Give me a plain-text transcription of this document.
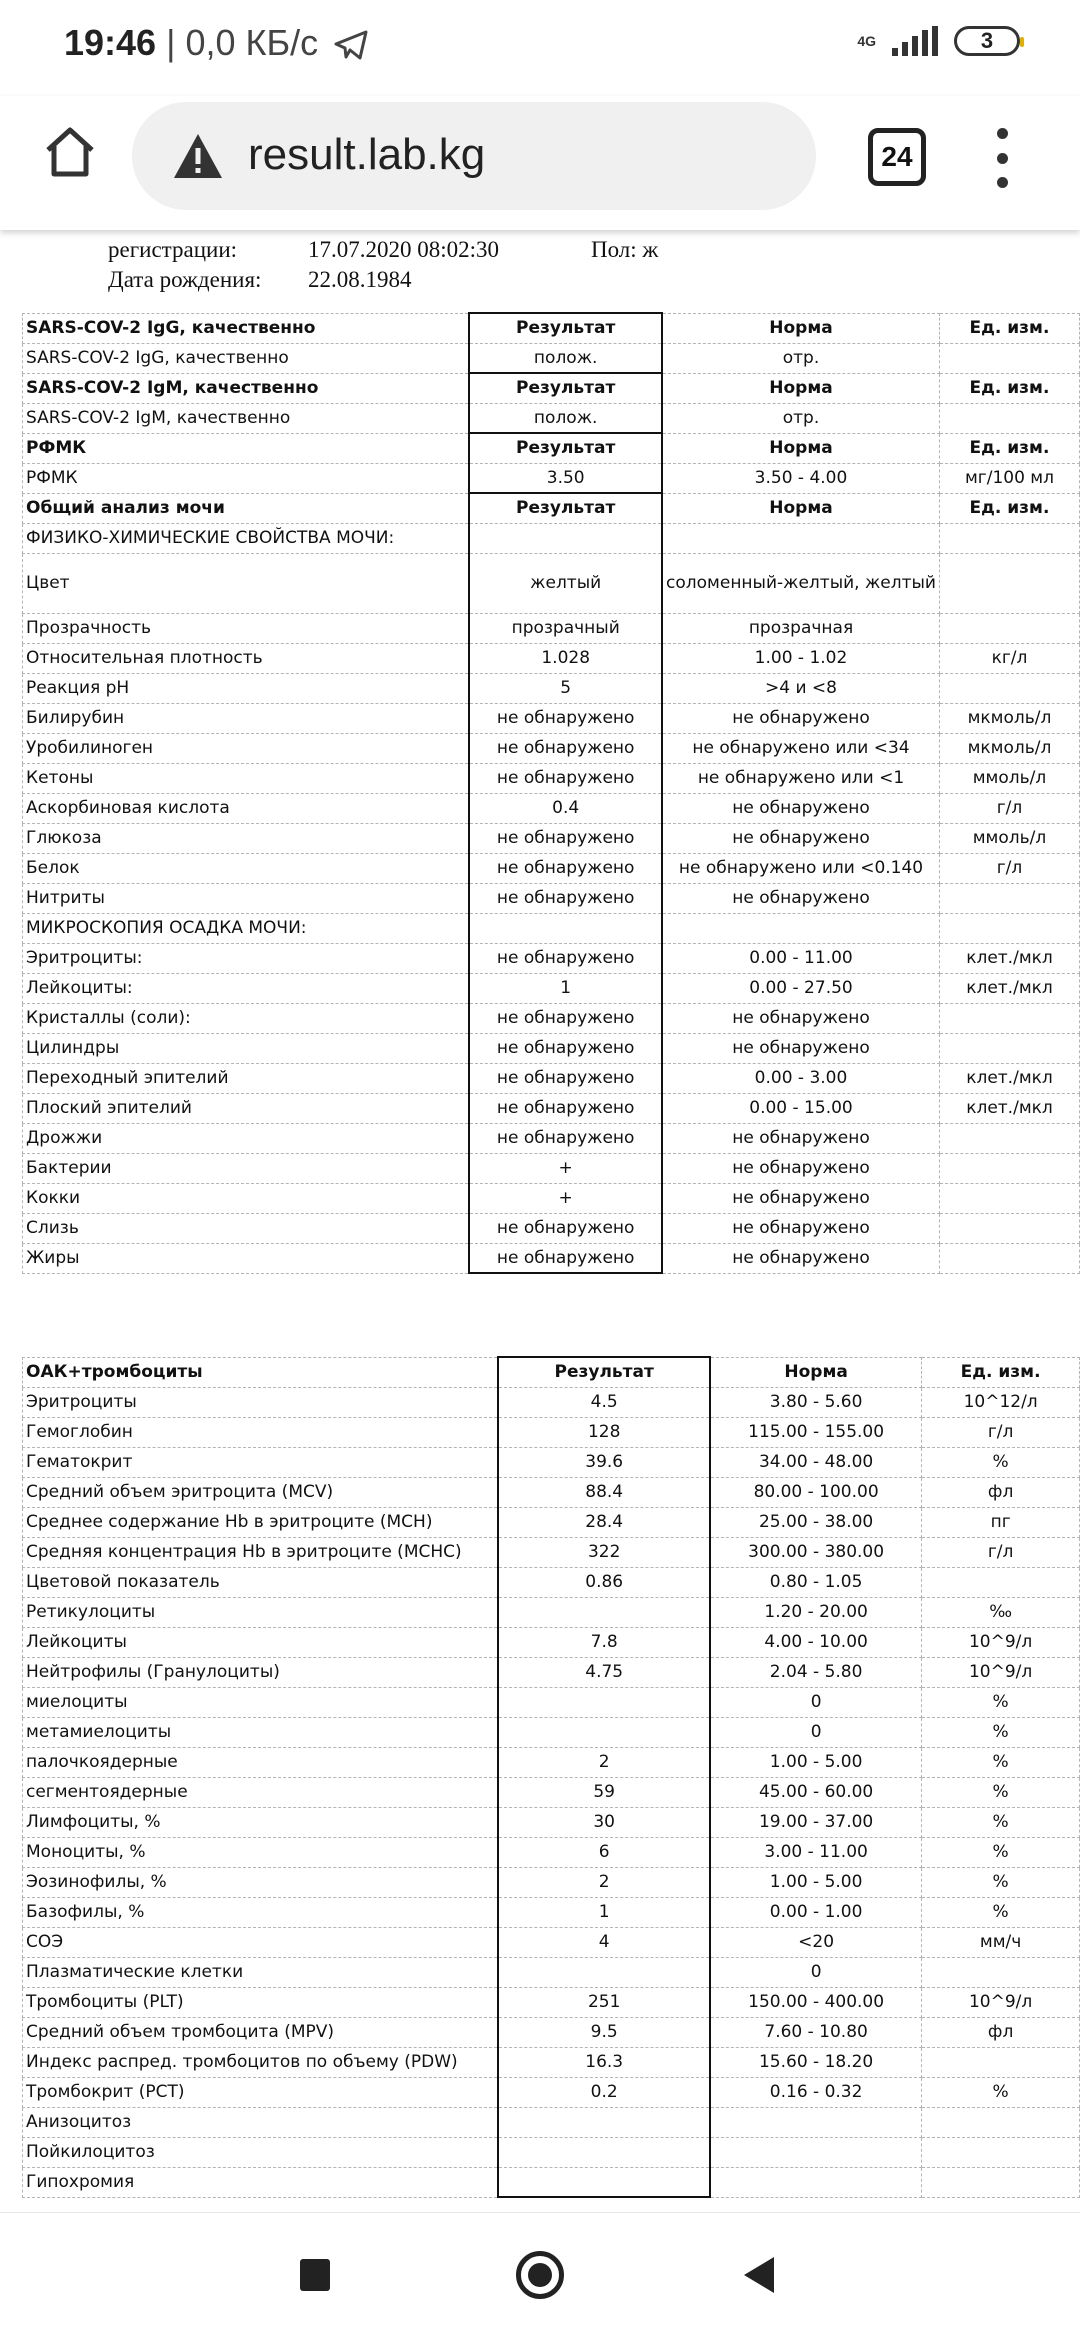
19:46 | 0,0 КБ/с	4G	3
result.lab.kg	24
регистрации:	17.07.2020 08:02:30	Пол: ж
Дата рождения:	22.08.1984	
SARS-COV-2 IgG, качественно	Результат	Норма	Ед. изм.
SARS-COV-2 IgG, качественно	полож.	отр.	
SARS-COV-2 IgM, качественно	Результат	Норма	Ед. изм.
SARS-COV-2 IgM, качественно	полож.	отр.	
РФМК	Результат	Норма	Ед. изм.
РФМК	3.50	3.50 - 4.00	мг/100 мл
Общий анализ мочи	Результат	Норма	Ед. изм.
ФИЗИКО-ХИМИЧЕСКИЕ СВОЙСТВА МОЧИ:			
Цвет	желтый	соломенный-желтый, желтый	
Прозрачность	прозрачный	прозрачная	
Относительная плотность	1.028	1.00 - 1.02	кг/л
Реакция pH	5	>4 и <8	
Билирубин	не обнаружено	не обнаружено	мкмоль/л
Уробилиноген	не обнаружено	не обнаружено или <34	мкмоль/л
Кетоны	не обнаружено	не обнаружено или <1	ммоль/л
Аскорбиновая кислота	0.4	не обнаружено	г/л
Глюкоза	не обнаружено	не обнаружено	ммоль/л
Белок	не обнаружено	не обнаружено или <0.140	г/л
Нитриты	не обнаружено	не обнаружено	
МИКРОСКОПИЯ ОСАДКА МОЧИ:			
Эритроциты:	не обнаружено	0.00 - 11.00	клет./мкл
Лейкоциты:	1	0.00 - 27.50	клет./мкл
Кристаллы (соли):	не обнаружено	не обнаружено	
Цилиндры	не обнаружено	не обнаружено	
Переходный эпителий	не обнаружено	0.00 - 3.00	клет./мкл
Плоский эпителий	не обнаружено	0.00 - 15.00	клет./мкл
Дрожжи	не обнаружено	не обнаружено	
Бактерии	+	не обнаружено	
Кокки	+	не обнаружено	
Слизь	не обнаружено	не обнаружено	
Жиры	не обнаружено	не обнаружено	
ОАК+тромбоциты	Результат	Норма	Ед. изм.
Эритроциты	4.5	3.80 - 5.60	10^12/л
Гемоглобин	128	115.00 - 155.00	г/л
Гематокрит	39.6	34.00 - 48.00	%
Средний объем эритроцита (MCV)	88.4	80.00 - 100.00	фл
Среднее содержание Hb в эритроците (MCH)	28.4	25.00 - 38.00	пг
Средняя концентрация Hb в эритроците (MCHC)	322	300.00 - 380.00	г/л
Цветовой показатель	0.86	0.80 - 1.05	
Ретикулоциты		1.20 - 20.00	‰
Лейкоциты	7.8	4.00 - 10.00	10^9/л
Нейтрофилы (Гранулоциты)	4.75	2.04 - 5.80	10^9/л
миелоциты		0	%
метамиелоциты		0	%
палочкоядерные	2	1.00 - 5.00	%
сегментоядерные	59	45.00 - 60.00	%
Лимфоциты, %	30	19.00 - 37.00	%
Моноциты, %	6	3.00 - 11.00	%
Эозинофилы, %	2	1.00 - 5.00	%
Базофилы, %	1	0.00 - 1.00	%
СОЭ	4	<20	мм/ч
Плазматические клетки		0	
Тромбоциты (PLT)	251	150.00 - 400.00	10^9/л
Средний объем тромбоцита (MPV)	9.5	7.60 - 10.80	фл
Индекс распред. тромбоцитов по объему (PDW)	16.3	15.60 - 18.20	
Тромбокрит (PCT)	0.2	0.16 - 0.32	%
Анизоцитоз			
Пойкилоцитоз			
Гипохромия			
